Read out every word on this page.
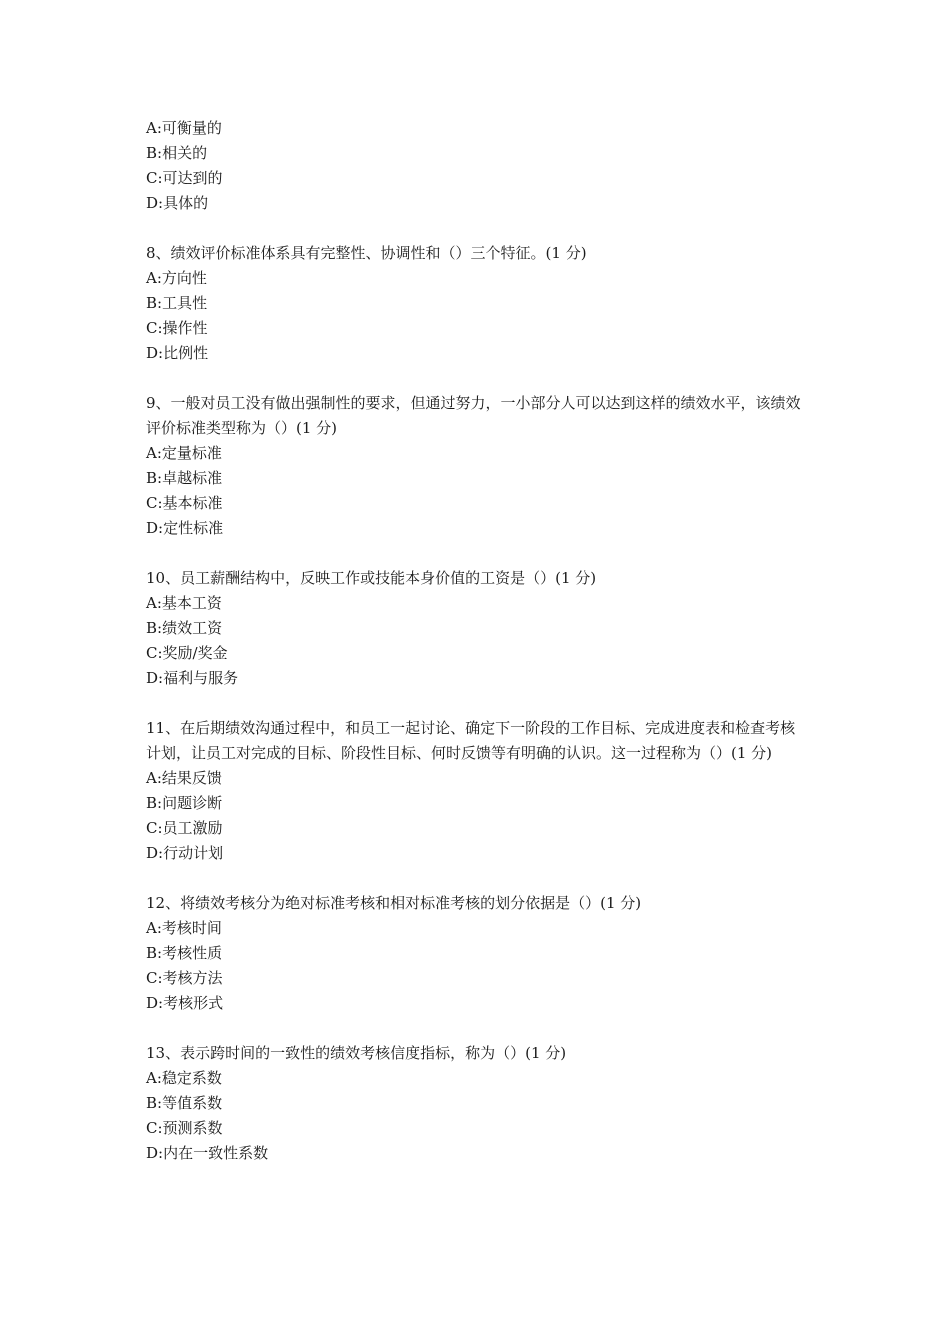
A:可衡量的
B:相关的
C:可达到的
D:具体的
8、绩效评价标准体系具有完整性、协调性和（）三个特征。(1 分)
A:方向性
B:工具性
C:操作性
D:比例性
9、一般对员工没有做出强制性的要求，但通过努力，一小部分人可以达到这样的绩效水平，该绩效评价标准类型称为（）(1 分)
A:定量标准
B:卓越标准
C:基本标准
D:定性标准
10、员工薪酬结构中，反映工作或技能本身价值的工资是（）(1 分)
A:基本工资
B:绩效工资
C:奖励/奖金
D:福利与服务
11、在后期绩效沟通过程中，和员工一起讨论、确定下一阶段的工作目标、完成进度表和检查考核计划，让员工对完成的目标、阶段性目标、何时反馈等有明确的认识。这一过程称为（）(1 分)
A:结果反馈
B:问题诊断
C:员工激励
D:行动计划
12、将绩效考核分为绝对标准考核和相对标准考核的划分依据是（）(1 分)
A:考核时间
B:考核性质
C:考核方法
D:考核形式
13、表示跨时间的一致性的绩效考核信度指标，称为（）(1 分)
A:稳定系数
B:等值系数
C:预测系数
D:内在一致性系数
